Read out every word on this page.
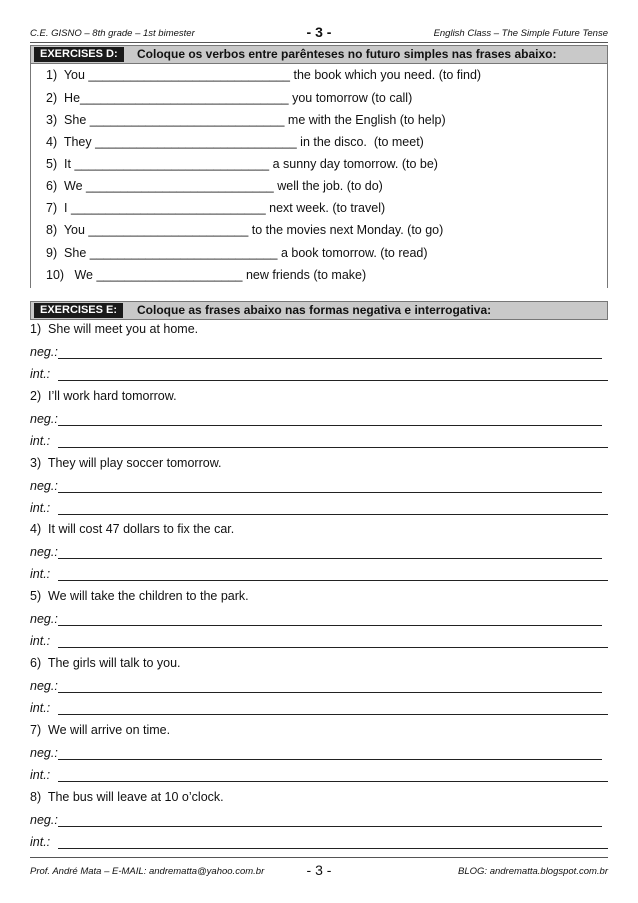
C.E. GISNO – 8th grade – 1st bimester	- 3 -	English Class – The Simple Future Tense
EXERCISES D:	Coloque os verbos entre parênteses no futuro simples nas frases abaixo:
1)  You _____________________________ the book which you need. (to find)
2)  He______________________________ you tomorrow (to call)
3)  She ____________________________ me with the English (to help)
4)  They _____________________________ in the disco.  (to meet)
5)  It ____________________________ a sunny day tomorrow. (to be)
6)  We ___________________________ well the job. (to do)
7)  I ____________________________ next week. (to travel)
8)  You _______________________ to the movies next Monday. (to go)
9)  She ___________________________ a book tomorrow. (to read)
10)   We _____________________ new friends (to make)
EXERCISES E:	Coloque as frases abaixo nas formas negativa e interrogativa:
1)  She will meet you at home.
neg.:
int.:
2)  I’ll work hard tomorrow.
neg.:
int.:
3)  They will play soccer tomorrow.
neg.:
int.:
4)  It will cost 47 dollars to fix the car.
neg.:
int.:
5)  We will take the children to the park.
neg.:
int.:
6)  The girls will talk to you.
neg.:
int.:
7)  We will arrive on time.
neg.:
int.:
8)  The bus will leave at 10 o’clock.
neg.:
int.:
Prof. André Mata – E-MAIL: andrematta@yahoo.com.br	- 3 -	BLOG: andrematta.blogspot.com.br
